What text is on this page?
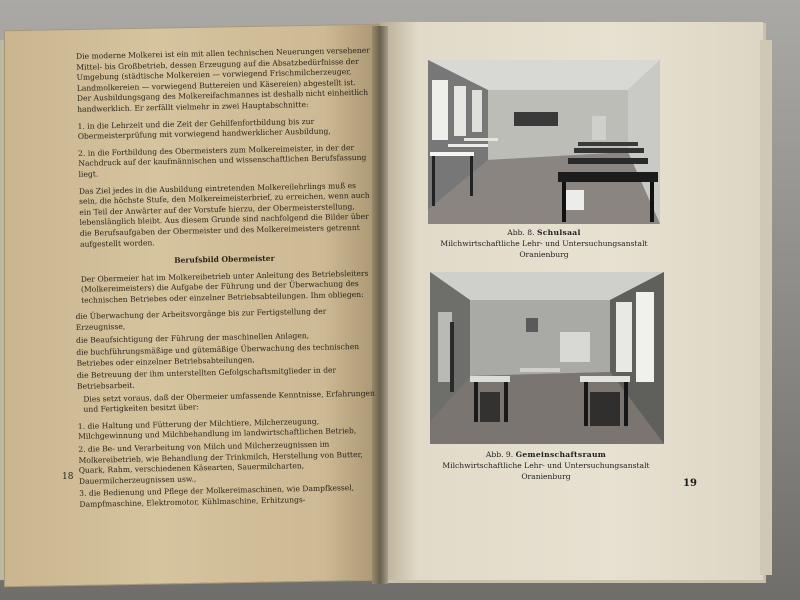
Die moderne Molkerei ist ein mit allen technischen Neuerungen versehener Mittel- bis Großbetrieb, dessen Erzeugung auf die Absatzbedürfnisse der Umgebung (städtische Molkereien — vorwiegend Frischmilcherzeuger, Landmolkereien — vorwiegend Buttereien und Käsereien) abgestellt ist. Der Ausbildungsgang des Molkereifachmannes ist deshalb nicht einheitlich handwerklich. Er zerfällt vielmehr in zwei Hauptabschnitte:

1. in die Lehrzeit und die Zeit der Gehilfenfortbildung bis zur Obermeisterprüfung mit vorwiegend handwerklicher Ausbildung,

2. in die Fortbildung des Obermeisters zum Molkereimeister, in der der Nachdruck auf der kaufmännischen und wissenschaftlichen Berufsfassung liegt.

Das Ziel jedes in die Ausbildung eintretenden Molkereilehrlings muß es sein, die höchste Stufe, den Molkereimeisterbrief, zu erreichen, wenn auch ein Teil der Anwärter auf der Vorstufe hierzu, der Obermeisterstellung, lebenslänglich bleibt. Aus diesem Grunde sind nachfolgend die Bilder über die Berufsaufgaben der Obermeister und des Molkereimeisters getrennt aufgestellt worden.

Berufsbild Obermeister

Der Obermeier hat im Molkereibetrieb unter Anleitung des Betriebsleiters (Molkereimeisters) die Aufgabe der Führung und der Überwachung des technischen Betriebes oder einzelner Betriebsabteilungen. Ihm obliegen:

die Überwachung der Arbeitsvorgänge bis zur Fertigstellung der Erzeugnisse,
die Beaufsichtigung der Führung der maschinellen Anlagen,
die buchführungsmäßige und gütemäßige Überwachung des technischen Betriebes oder einzelner Betriebsabteilungen,
die Betreuung der ihm unterstellten Gefolgschaftsmitglieder in der Betriebsarbeit.

Dies setzt voraus, daß der Obermeier umfassende Kenntnisse, Erfahrungen und Fertigkeiten besitzt über:

1. die Haltung und Fütterung der Milchtiere, Milcherzeugung, Milchgewinnung und Milchbehandlung im landwirtschaftlichen Betrieb,
2. die Be- und Verarbeitung von Milch und Milcherzeugnissen im Molkereibetrieb, wie Behandlung der Trinkmilch, Herstellung von Butter, Quark, Rahm, verschiedenen Käsearten, Sauermilcharten, Dauermilcherzeugnissen usw.,
3. die Bedienung und Pflege der Molkereimaschinen, wie Dampfkessel, Dampfmaschine, Elektromotor, Kühlmaschine, Erhitzungs-
18
Abb. 8. Schulsaal
Milchwirtschaftliche Lehr- und Untersuchungsanstalt Oranienburg
Abb. 9. Gemeinschaftsraum
Milchwirtschaftliche Lehr- und Untersuchungsanstalt Oranienburg
19
